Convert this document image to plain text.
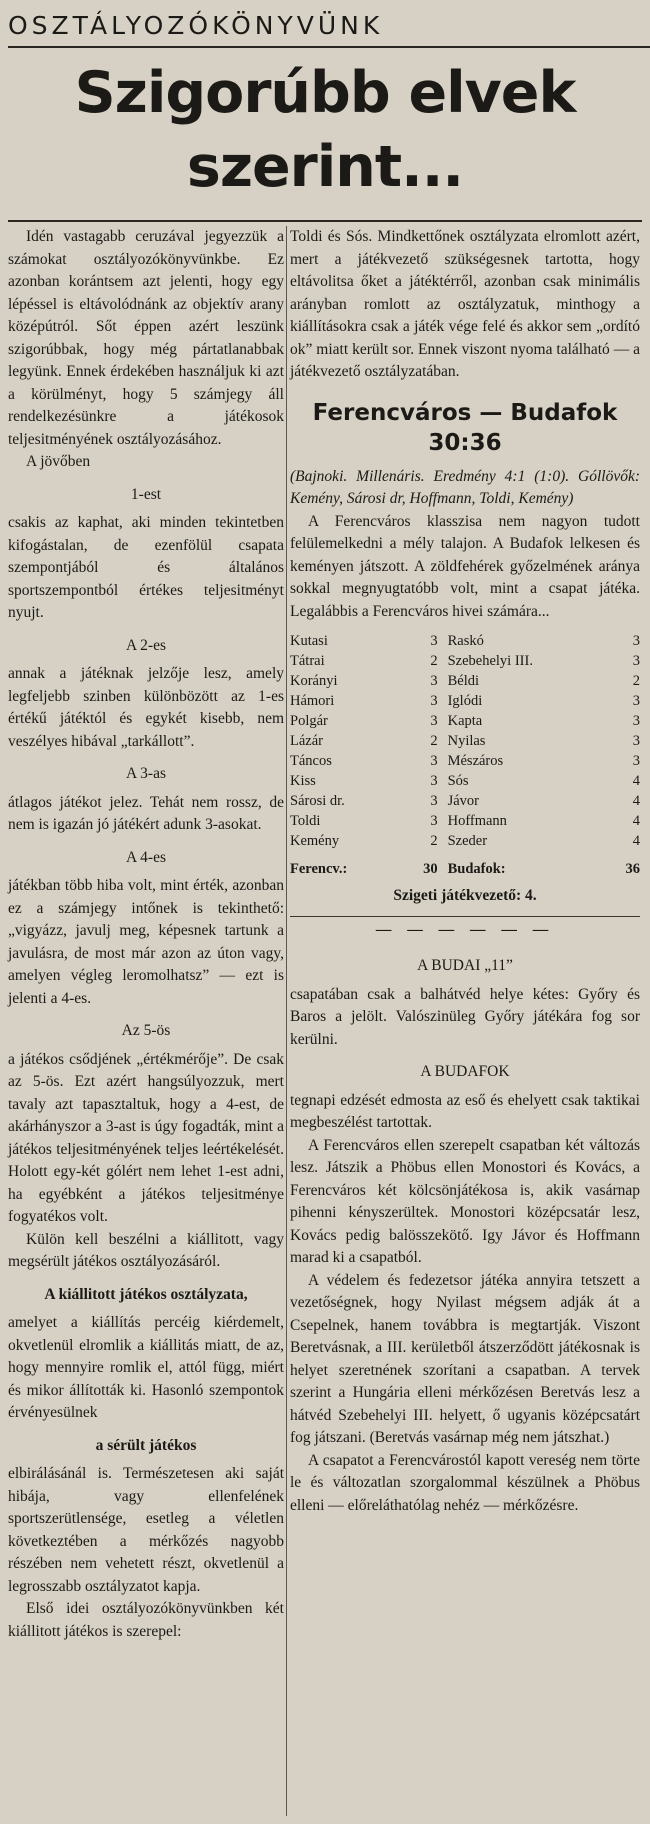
OSZTÁLYOZÓKÖNYVÜNK
Szigorúbb elvek
szerint...

Idén vastagabb ceruzával jegyezzük a számokat osztályozókönyvünkbe. Ez azonban korántsem azt jelenti, hogy egy lépéssel is eltávolódnánk az objektív arany középútról. Sőt éppen azért leszünk szigorúbbak, hogy még pártatlanabbak legyünk. Ennek érdekében használjuk ki azt a körülményt, hogy 5 számjegy áll rendelkezésünkre a játékosok teljesitményének osztályozásához.

A jövőben

1-est

csakis az kaphat, aki minden tekintetben kifogástalan, de ezenfölül csapata szempontjából és általános sportszempontból értékes teljesitményt nyujt.

A 2-es

annak a játéknak jelzője lesz, amely legfeljebb szinben különbözött az 1-es értékű játéktól és egykét kisebb, nem veszélyes hibával „tarkállott”.

A 3-as

átlagos játékot jelez. Tehát nem rossz, de nem is igazán jó játékért adunk 3-asokat.

A 4-es

játékban több hiba volt, mint érték, azonban ez a számjegy intőnek is tekinthető: „vigyázz, javulj meg, képesnek tartunk a javulásra, de most már azon az úton vagy, amelyen végleg leromolhatsz” — ezt is jelenti a 4-es.

Az 5-ös

a játékos csődjének „értékmérője”. De csak az 5-ös. Ezt azért hangsúlyozzuk, mert tavaly azt tapasztaltuk, hogy a 4-est, de akárhányszor a 3-ast is úgy fogadták, mint a játékos teljesitményének teljes leértékelését. Holott egy-két gólért nem lehet 1-est adni, ha egyébként a játékos teljesitménye fogyatékos volt.

Külön kell beszélni a kiállitott, vagy megsérült játékos osztályozásáról.

A kiállitott játékos osztályzata,

amelyet a kiállítás percéig kiérdemelt, okvetlenül elromlik a kiállitás miatt, de az, hogy mennyire romlik el, attól függ, miért és mikor állították ki. Hasonló szempontok érvényesülnek

a sérült játékos

elbirálásánál is. Természetesen aki saját hibája, vagy ellenfelének sportszerütlensége, esetleg a véletlen következtében a mérkőzés nagyobb részében nem vehetett részt, okvetlenül a legrosszabb osztályzatot kapja.

Első idei osztályozókönyvünkben két kiállitott játékos is szerepel:

Toldi és Sós. Mindkettőnek osztályzata elromlott azért, mert a játékvezető szükségesnek tartotta, hogy eltávolitsa őket a játéktérről, azonban csak minimális arányban romlott az osztályzatuk, minthogy a kiállításokra csak a játék vége felé és akkor sem „ordító ok” miatt került sor. Ennek viszont nyoma található — a játékvezető osztályzatában.

Ferencváros — Budafok
30:36

(Bajnoki. Millenáris. Eredmény 4:1 (1:0). Góllövők: Kemény, Sárosi dr, Hoffmann, Toldi, Kemény)

A Ferencváros klasszisa nem nagyon tudott felülemelkedni a mély talajon. A Budafok lelkesen és keményen játszott. A zöldfehérek győzelmének aránya sokkal megnyugtatóbb volt, mint a csapat játéka. Legalábbis a Ferencváros hivei számára...

Kutasi	3	Raskó	3
Tátrai	2	Szebehelyi III.	3
Korányi	3	Béldi	2
Hámori	3	Iglódi	3
Polgár	3	Kapta	3
Lázár	2	Nyilas	3
Táncos	3	Mészáros	3
Kiss	3	Sós	4
Sárosi dr.	3	Jávor	4
Toldi	3	Hoffmann	4
Kemény	2	Szeder	4
Ferencv.:	30	Budafok:	36
Szigeti játékvezető: 4.
— — — — — —
A BUDAI „11”

csapatában csak a balhátvéd helye kétes: Győry és Baros a jelölt. Valószinüleg Győry játékára fog sor kerülni.

A BUDAFOK

tegnapi edzését edmosta az eső és ehelyett csak taktikai megbeszélést tartottak.

A Ferencváros ellen szerepelt csapatban két változás lesz. Játszik a Phöbus ellen Monostori és Kovács, a Ferencváros két kölcsönjátékosa is, akik vasárnap pihenni kényszerültek. Monostori középcsatár lesz, Kovács pedig balösszekötő. Igy Jávor és Hoffmann marad ki a csapatból.

A védelem és fedezetsor játéka annyira tetszett a vezetőségnek, hogy Nyilast mégsem adják át a Csepelnek, hanem továbbra is megtartják. Viszont Beretvásnak, a III. kerületből átszerződött játékosnak is helyet szeretnének szorítani a csapatban. A tervek szerint a Hungária elleni mérkőzésen Beretvás lesz a hátvéd Szebehelyi III. helyett, ő ugyanis középcsatárt fog játszani. (Beretvás vasárnap még nem játszhat.)

A csapatot a Ferencvárostól kapott vereség nem törte le és változatlan szorgalommal készülnek a Phöbus elleni — előreláthatólag nehéz — mérkőzésre.
